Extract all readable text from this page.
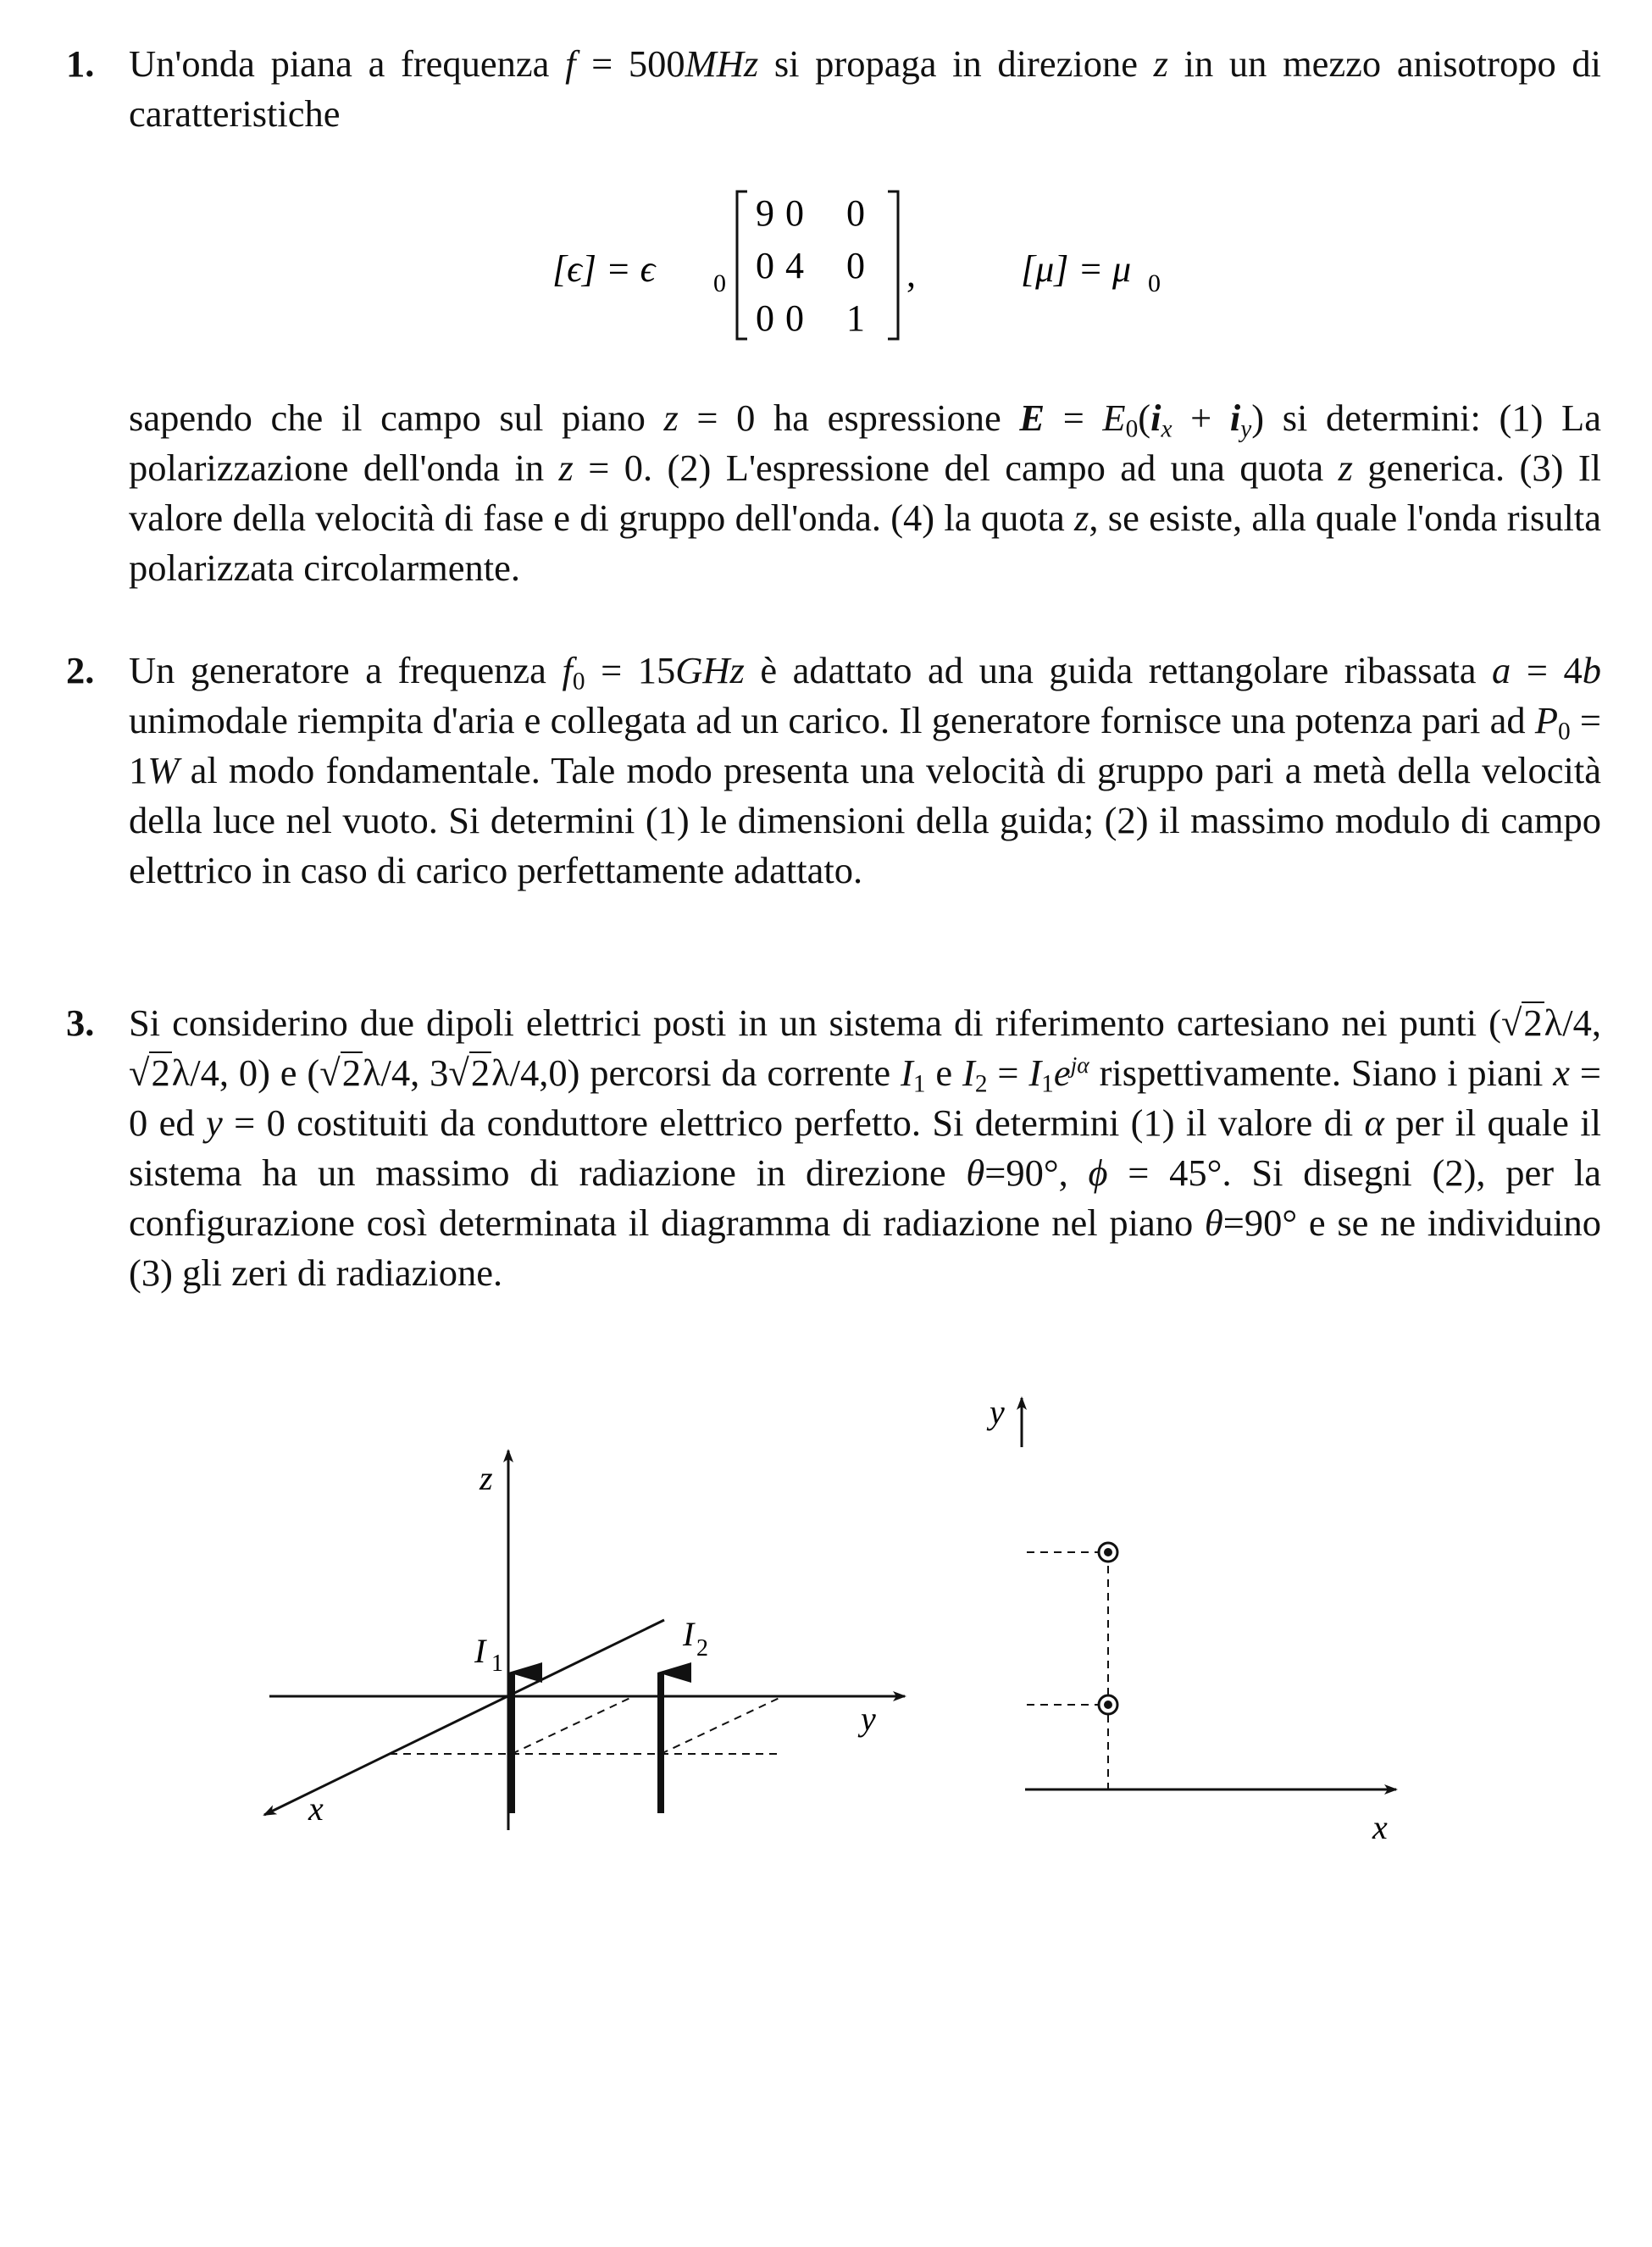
1. Un'onda piana a frequenza f = 500MHz si propaga in direzione z in un mezzo anisotropo di caratteristiche

[ϵ] = ϵ 0
9 0 0
0 4 0
0 0 1
,	[μ] = μ 0

sapendo che il campo sul piano z = 0 ha espressione $E = E_0(i_x + i_y)$ si determini: (1) La polarizzazione dell'onda in z = 0. (2) L'espressione del campo ad una quota z generica. (3) Il valore della velocità di fase e di gruppo dell'onda. (4) la quota z, se esiste, alla quale l'onda risulta polarizzata circolarmente.

2. Un generatore a frequenza $f_0 = 15GHz$ è adattato ad una guida rettangolare ribassata a = 4b unimodale riempita d'aria e collegata ad un carico. Il generatore fornisce una potenza pari ad $P_0 = 1W$ al modo fondamentale. Tale modo presenta una velocità di gruppo pari a metà della velocità della luce nel vuoto. Si determini (1) le dimensioni della guida; (2) il massimo modulo di campo elettrico in caso di carico perfettamente adattato.

3. Si considerino due dipoli elettrici posti in un sistema di riferimento cartesiano nei punti (√2λ/4, √2λ/4, 0) e (√2λ/4, 3√2λ/4,0) percorsi da corrente $I_1$ e $I_2 = I_1e^{j\alpha}$ rispettivamente. Siano i piani x = 0 ed y = 0 costituiti da conduttore elettrico perfetto. Si determini (1) il valore di α per il quale il sistema ha un massimo di radiazione in direzione θ=90°, ϕ = 45°. Si disegni (2), per la configurazione così determinata il diagramma di radiazione nel piano θ=90° e se ne individuino (3) gli zeri di radiazione.

z
y
x
I 1
I 2
y
x
